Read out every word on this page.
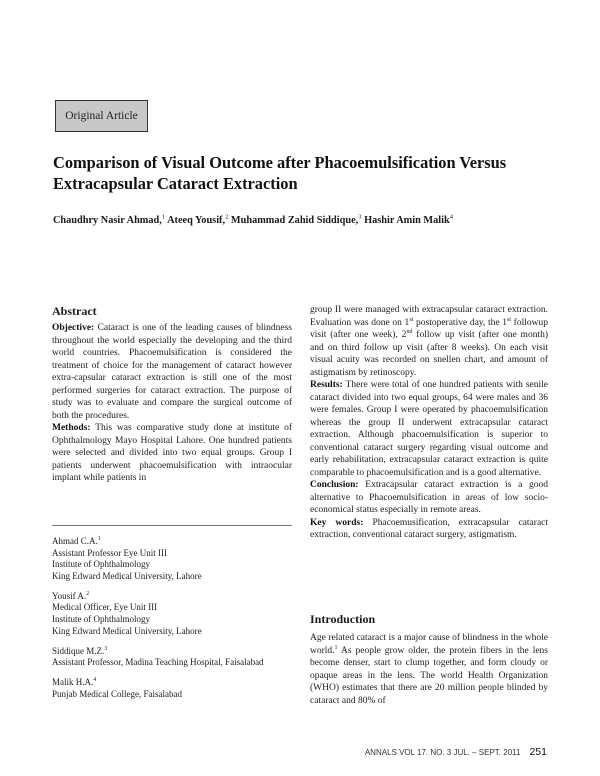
Original Article
Comparison of Visual Outcome after Phacoemulsification Versus
Extracapsular Cataract Extraction
Chaudhry Nasir Ahmad,$^1$ Ateeq Yousif,$^2$ Muhammad Zahid Siddique,$^3$ Hashir Amin Malik$^4$
Abstract

Objective: Cataract is one of the leading causes of blindness throughout the world especially the developing and the third world countries. Phacoemulsification is considered the treatment of choice for the management of cataract however extra-capsular cataract extraction is still one of the most performed surgeries for cataract extraction. The purpose of study was to evaluate and compare the surgical outcome of both the procedures.

Methods: This was comparative study done at institute of Ophthalmology Mayo Hospital Lahore. One hundred patients were selected and divided into two equal groups. Group I patients underwent phacoemulsification with intraocular implant while patients in

Ahmad C.A.$^1$
Assistant Professor Eye Unit III
Institute of Ophthalmology
King Edward Medical University, Lahore
Yousif A.$^2$
Medical Officer, Eye Unit III
Institute of Ophthalmology
King Edward Medical University, Lahore
Siddique M.Z.$^3$
Assistant Professor, Madina Teaching Hospital, Faisalabad
Malik H.A.$^4$
Punjab Medical College, Faisalabad

group II were managed with extracapsular cataract extraction. Evaluation was done on 1st postoperative day, the 1st followup visit (after one week), 2nd follow up visit (after one month) and on third follow up visit (after 8 weeks). On each visit visual acuity was recorded on snellen chart, and amount of astigmatism by retinoscopy.

Results: There were total of one hundred patients with senile cataract divided into two equal groups, 64 were males and 36 were females. Group I were operated by phacoemulsification whereas the group II underwent extracapsular cataract extraction. Although phacoemulsification is superior to conventional cataract surgery regarding visual outcome and early rehabilitation, extracapsular cataract extraction is quite comparable to phacoemulsification and is a good alternative.

Conclusion: Extracapsular cataract extraction is a good alternative to Phacoemulsification in areas of low socio-economical status especially in remote areas.

Key words: Phacoemusification, extracapsular cataract extraction, conventional cataract surgery, astigmatism.

Introduction

Age related cataract is a major cause of blindness in the whole world.$^1$ As people grow older, the protein fibers in the lens become denser, start to clump together, and form cloudy or opaque areas in the lens. The world Health Organization (WHO) estimates that there are 20 million people blinded by cataract and 80% of

ANNALS VOL 17. NO. 3 JUL. – SEPT. 2011 251
